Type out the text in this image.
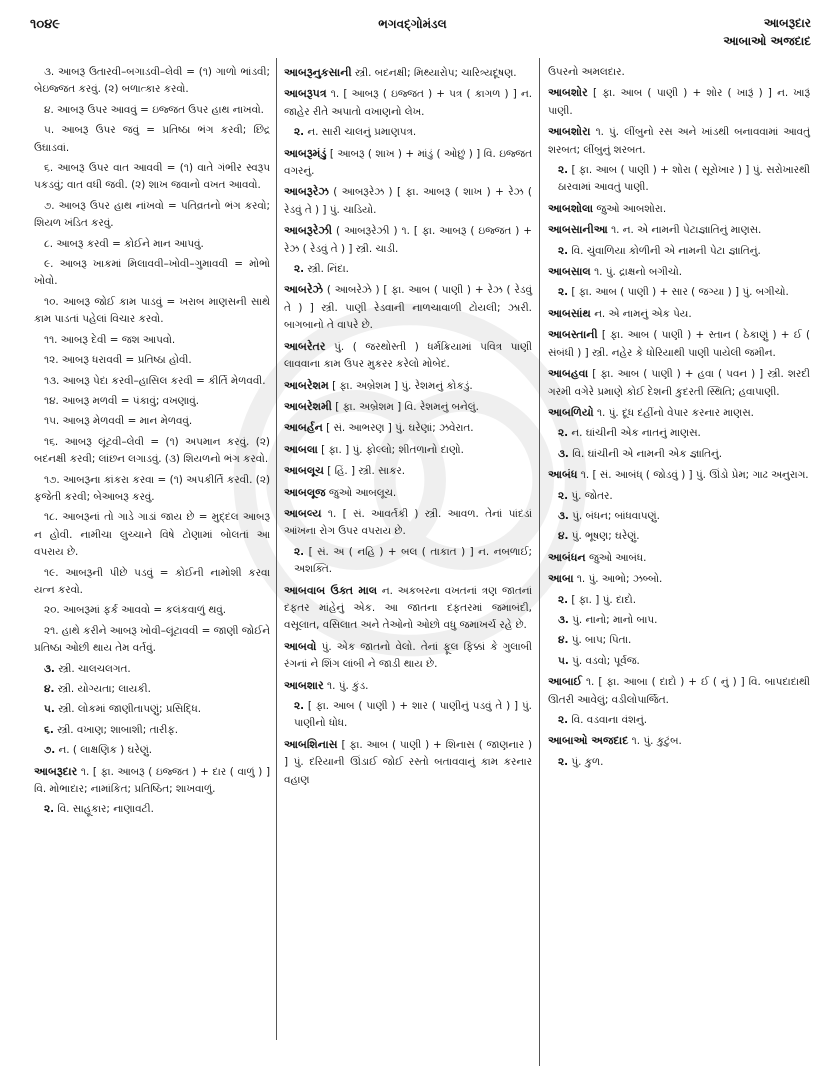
૧૦૪૯	ભગવદ્ગોમંડલ	આબરૂદાર
આબાઓ અજદાદ
૩. આબરૂ ઉતારવી–બગાડવી–લેવી = (૧) ગાળો ભાંડવી; બેઇજ્જત કરવું. (૨) બળાત્કાર કરવો.
૪. આબરૂ ઉપર આવવું = ઇજ્જત ઉપર હાથ નાખવો.
૫. આબરૂ ઉપર જવું = પ્રતિષ્ઠા ભંગ કરવી; છિદ્ર ઉઘાડવાં.
૬. આબરૂ ઉપર વાત આવવી = (૧) વાતે ગંભીર સ્વરૂપ પકડવું; વાત વધી જવી. (૨) શાખ જવાનો વખત આવવો.
૭. આબરૂ ઉપર હાથ નાંખવો = પતિવ્રતનો ભંગ કરવો; શિયળ ખંડિત કરવું.
૮. આબરૂ કરવી = કોઈને માન આપવું.
૯. આબરૂ ખાકમાં મિલાવવી–ખોવી–ગુમાવવી = મોભો ખોવો.
૧૦. આબરૂ જોઈ કામ પાડવું = ખરાબ માણસની સાથે કામ પાડતાં પહેલાં વિચાર કરવો.
૧૧. આબરૂ દેવી = જશ આપવો.
૧૨. આબરૂ ધરાવવી = પ્રતિષ્ઠા હોવી.
૧૩. આબરૂ પેદા કરવી–હાસિલ કરવી = કીર્તિ મેળવવી.
૧૪. આબરૂ મળવી = પંકાવું; વખણાવું.
૧૫. આબરૂ મેળવવી = માન મેળવવું.
૧૬. આબરૂ લૂંટવી–લેવી = (૧) અપમાન કરવું. (૨) બદનક્ષી કરવી; લાંછન લગાડવું. (૩) શિયળનો ભંગ કરવો.
૧૭. આબરૂના કાંકરા કરવા = (૧) અપકીર્તિ કરવી. (૨) ફજેતી કરવી; બેઆબરૂ કરવું.
૧૮. આબરૂનાં તો ગાડે ગાડાં જાય છે = મુદ્દલ આબરૂ ન હોવી. નામીચા લુચ્ચાને વિષે ટોણામાં બોલતાં આ વપરાય છે.
૧૯. આબરૂની પીછે પડવું = કોઈની નામોશી કરવા યત્ન કરવો.
૨૦. આબરૂમાં ફર્ક આવવો = કલંકવાળું થવું.
૨૧. હાથે કરીને આબરૂ ખોવી–લૂંટાવવી = જાણી જોઈને પ્રતિષ્ઠા ઓછી થાય તેમ વર્તવું.
૩. સ્ત્રી. ચાલચલગત.
૪. સ્ત્રી. યોગ્યતા; લાયકી.
૫. સ્ત્રી. લોકમાં જાણીતાપણું; પ્રસિદ્ધિ.
૬. સ્ત્રી. વખાણ; શાબાશી; તારીફ.
૭. ન. ( લાક્ષણિક ) ઘરેણું.
આબરૂદાર ૧. [ ફા. આબરૂ ( ઇજ્જત ) + દાર ( વાળું ) ] વિ. મોભાદાર; નામાંકિત; પ્રતિષ્ઠિત; શાખવાળું.
૨. વિ. સાહૂકાર; નાણાવટી.
આબરૂનુકસાની સ્ત્રી. બદનક્ષી; મિથ્યારોપ; ચારિત્ર્યદૂષણ.
આબરૂપત્ર ૧. [ આબરૂ ( ઇજ્જત ) + પત્ર ( કાગળ ) ] ન. જાહેર રીતે અપાતો વખાણનો લેખ.
૨. ન. સારી ચાલનું પ્રમાણપત્ર.
આબરૂમંડું [ આબરૂ ( શાખ ) + માંડું ( ઓછું ) ] વિ. ઇજ્જત વગરનું.
આબરૂરેઝ ( આબરૂરેઝ ) [ ફા. આબરૂ ( શાખ ) + રેઝ ( રેડવું તે ) ] પું. ચાડિયો.
આબરૂરેઝી ( આબરૂરેઝી ) ૧. [ ફા. આબરૂ ( ઇજ્જત ) + રેઝ ( રેડવું તે ) ] સ્ત્રી. ચાડી.
૨. સ્ત્રી. નિંદા.
આબરેઝે ( આબરેઝે ) [ ફા. આબ ( પાણી ) + રેઝ ( રેડવું તે ) ] સ્ત્રી. પાણી રેડવાની નાળચાવાળી ટોયલી; ઝારી. બાગબાનો તે વાપરે છે.
આબરેતર પું. ( જરથોસ્તી ) ધર્મક્રિયામાં પવિત્ર પાણી લાવવાના કામ ઉપર મુકરર કરેલો મોબેદ.
આબરેશમ [ ફા. અબ્રેશમ ] પું. રેશમનું કોકડું.
આબરેશમી [ ફા. અબ્રેશમ ] વિ. રેશમનું બનેલું.
આબર્હન [ સં. આભરણ ] પું. ઘરેણાં; ઝવેરાત.
આબલા [ ફા. ] પું. ફોલ્લો; શીતળાનો દાણો.
આબલૂચ [ હિં. ] સ્ત્રી. સાકર.
આબલૂજ જુઓ આબલૂચ.
આબલ્ય ૧. [ સં. આવર્તકી ) સ્ત્રી. આવળ. તેનાં પાંદડાં આંખના રોગ ઉપર વપરાય છે.
૨. [ સં. અ ( નહિ ) + બલ ( તાકાત ) ] ન. નબળાઈ; અશક્તિ.
આબવાબ ઉક્ત માલ ન. અકબરના વખતનાં ત્રણ જાતનાં દફતર માંહેનું એક. આ જાતના દફતરમાં જમાબંદી, વસૂલાત, વસિલાત અને તેઓનો ઓછો વધુ જમાખર્ચ રહે છે.
આબવો પું. એક જાતનો વેલો. તેનાં ફૂલ ફિક્કાં કે ગુલાબી રંગનાં ને શિંગ લાંબી ને જાડી થાય છે.
આબશાર ૧. પું. કુંડ.
૨. [ ફા. આબ ( પાણી ) + શાર ( પાણીનું પડવું તે ) ] પું. પાણીનો ધોધ.
આબશિનાસ [ ફા. આબ ( પાણી ) + શિનાસ ( જાણનાર ) ] પું. દરિયાની ઊંડાઈ જોઈ રસ્તો બતાવવાનું કામ કરનાર વહાણ
ઉપરનો અમલદાર.
આબશોર [ ફા. આબ ( પાણી ) + શોર ( ખારૂં ) ] ન. ખારૂં પાણી.
આબશોરા ૧. પું. લીંબુનો રસ અને ખાંડથી બનાવવામાં આવતું શરબત; લીંબુનું શરબત.
૨. [ ફા. આબ ( પાણી ) + શોરા ( સૂરોખાર ) ] પું. સરોખારથી ઠારવામાં આવતું પાણી.
આબશોલા જુઓ આબશોરા.
આબસાનીઆ ૧. ન. એ નામની પેટાજ્ઞાતિનું માણસ.
૨. વિ. ચુંવાળિયા કોળીની એ નામની પેટા જ્ઞાતિનું.
આબસાલ ૧. પું. દ્રાક્ષનો બગીચો.
૨. [ ફા. આબ ( પાણી ) + સાર ( જગ્યા ) ] પું. બગીચો.
આબસાંથ ન. એ નામનું એક પેય.
આબસ્તાની [ ફા. આબ ( પાણી ) + સ્તાન ( ઠેકાણું ) + ઈ ( સંબંધી ) ] સ્ત્રી. નહેર કે ધોરિયાથી પાણી પાયેલી જમીન.
આબહવા [ ફા. આબ ( પાણી ) + હવા ( પવન ) ] સ્ત્રી. શરદી ગરમી વગેરે પ્રમાણે કોઈ દેશની કુદરતી સ્થિતિ; હવાપાણી.
આબળિયો ૧. પું. દૂધ દહીંનો વેપાર કરનાર માણસ.
૨. ન. ઘાંચીની એક નાતનું માણસ.
૩. વિ. ઘાંચીની એ નામની એક જ્ઞાતિનું.
આબંધ ૧. [ સં. આબંધ્ ( જોડવું ) ] પું. ઊંડો પ્રેમ; ગાઢ અનુરાગ.
૨. પું. જોતર.
૩. પું. બંધન; બાંધવાપણું.
૪. પું. ભૂષણ; ઘરેણું.
આબંધન જુઓ આબંધ.
આબા ૧. પું. આભો; ઝબ્બો.
૨. [ ફા. ] પું. દાદો.
૩. પું. નાનો; માનો બાપ.
૪. પું. બાપ; પિતા.
૫. પું. વડવો; પૂર્વજ.
આબાઈ ૧. [ ફા. આબા ( દાદો ) + ઈ ( નું ) ] વિ. બાપદાદાથી ઊતરી આવેલું; વડીલોપાર્જિત.
૨. વિ. વડવાના વંશનું.
આબાઓ અજદાદ ૧. પું. કુટુંબ.
૨. પું. કુળ.
